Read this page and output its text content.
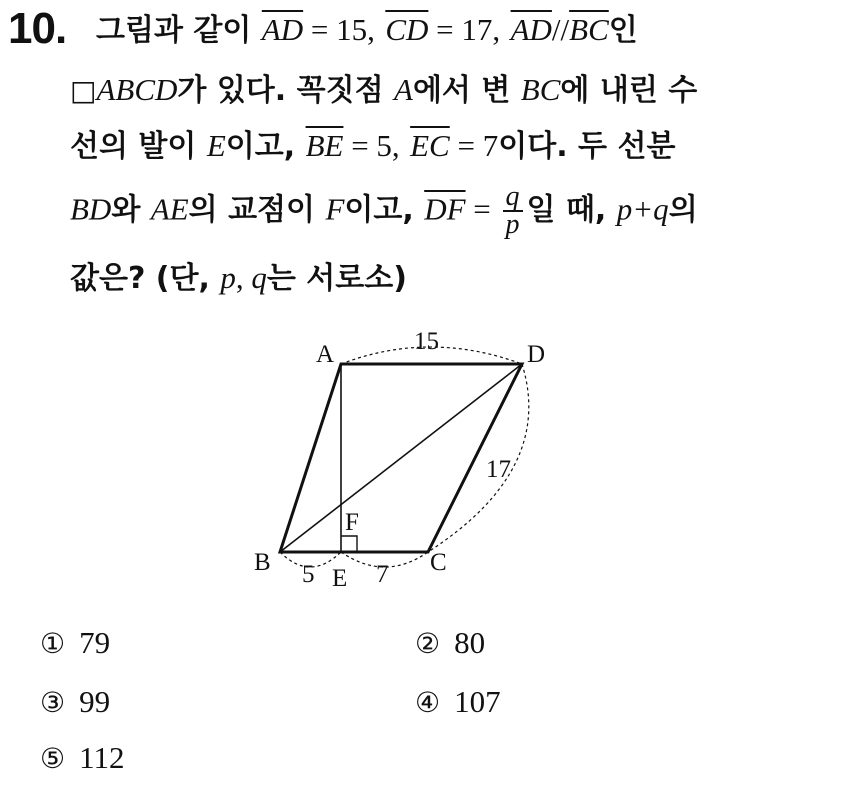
10. 그림과 같이 $\overline{AD} = 15$, $\overline{CD} = 17$, $\overline{AD}//\overline{BC}$인
□ABCD가 있다. 꼭짓점 A에서 변 BC에 내린 수
선의 발이 E이고, $\overline{BE} = 5$, $\overline{EC} = 7$이다. 두 선분
BD와 AE의 교점이 F이고, $\overline{DF} = \frac{q}{p}$ 일 때, p+q의
값은? (단, p, q는 서로소)
A	D
B	C
E
F
15
17
5 7
① 79	② 80
③ 99	④ 107
⑤ 112
